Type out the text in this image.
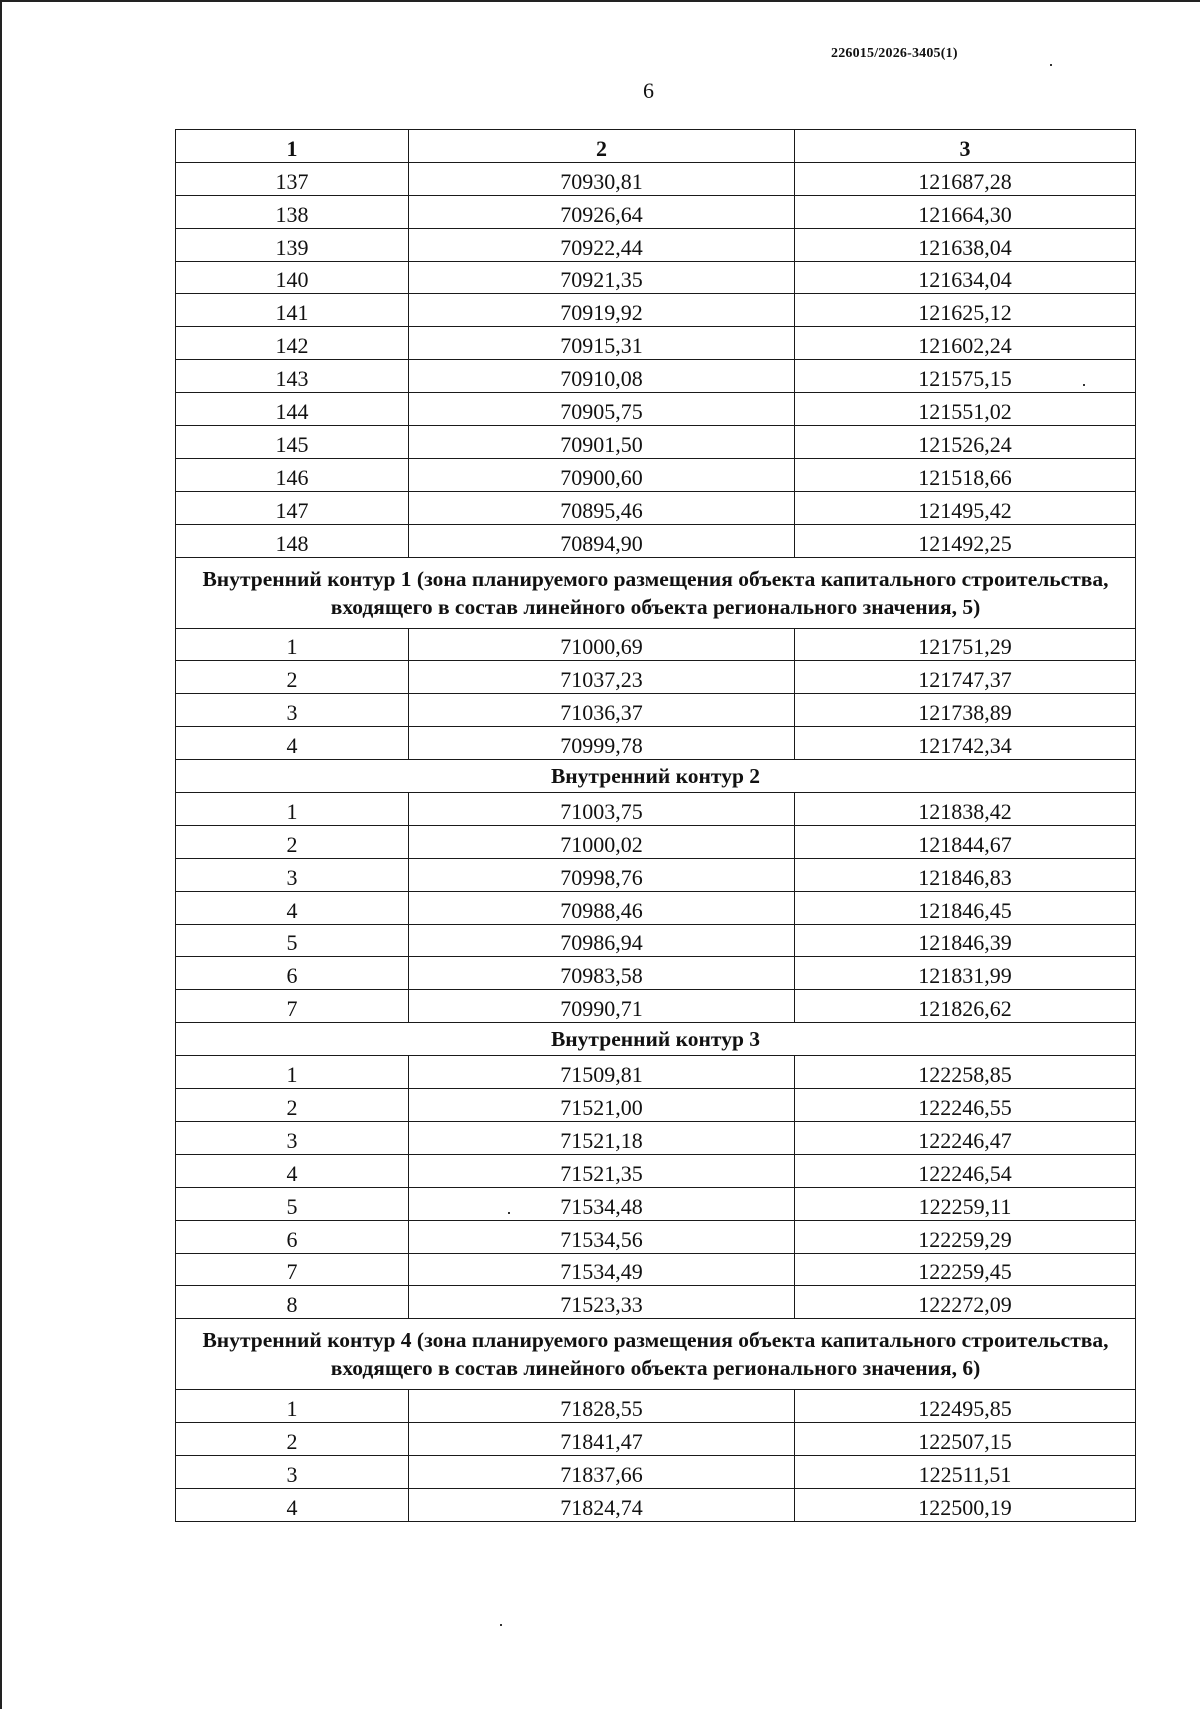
226015/2026-3405(1)
6
1	2	3
137	70930,81	121687,28
138	70926,64	121664,30
139	70922,44	121638,04
140	70921,35	121634,04
141	70919,92	121625,12
142	70915,31	121602,24
143	70910,08	121575,15
144	70905,75	121551,02
145	70901,50	121526,24
146	70900,60	121518,66
147	70895,46	121495,42
148	70894,90	121492,25
Внутренний контур 1 (зона планируемого размещения объекта капитального строительства, входящего в состав линейного объекта регионального значения, 5)		
1	71000,69	121751,29
2	71037,23	121747,37
3	71036,37	121738,89
4	70999,78	121742,34
Внутренний контур 2		
1	71003,75	121838,42
2	71000,02	121844,67
3	70998,76	121846,83
4	70988,46	121846,45
5	70986,94	121846,39
6	70983,58	121831,99
7	70990,71	121826,62
Внутренний контур 3		
1	71509,81	122258,85
2	71521,00	122246,55
3	71521,18	122246,47
4	71521,35	122246,54
5	71534,48	122259,11
6	71534,56	122259,29
7	71534,49	122259,45
8	71523,33	122272,09
Внутренний контур 4 (зона планируемого размещения объекта капитального строительства, входящего в состав линейного объекта регионального значения, 6)		
1	71828,55	122495,85
2	71841,47	122507,15
3	71837,66	122511,51
4	71824,74	122500,19
